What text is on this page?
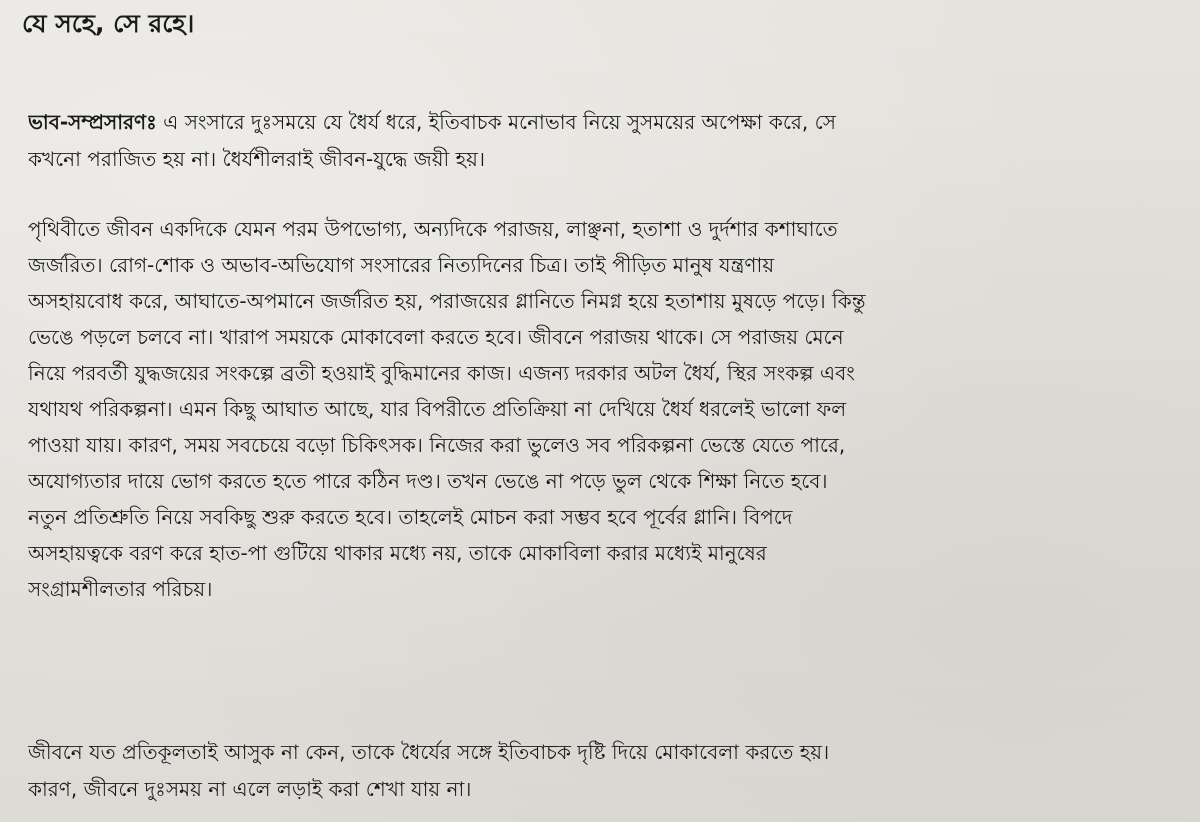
যে সহে, সে রহে।
ভাব-সম্প্রসারণঃ এ সংসারে দুঃসময়ে যে ধৈর্য ধরে, ইতিবাচক মনোভাব নিয়ে সুসময়ের অপেক্ষা করে, সে
কখনো পরাজিত হয় না। ধৈর্যশীলরাই জীবন-যুদ্ধে জয়ী হয়।
পৃথিবীতে জীবন একদিকে যেমন পরম উপভোগ্য, অন্যদিকে পরাজয়, লাঞ্ছনা, হতাশা ও দুর্দশার কশাঘাতে
জর্জরিত। রোগ-শোক ও অভাব-অভিযোগ সংসারের নিত্যদিনের চিত্র। তাই পীড়িত মানুষ যন্ত্রণায়
অসহায়বোধ করে, আঘাতে-অপমানে জর্জরিত হয়, পরাজয়ের গ্লানিতে নিমগ্ন হয়ে হতাশায় মুষড়ে পড়ে। কিন্তু
ভেঙে পড়লে চলবে না। খারাপ সময়কে মোকাবেলা করতে হবে। জীবনে পরাজয় থাকে। সে পরাজয় মেনে
নিয়ে পরবর্তী যুদ্ধজয়ের সংকল্পে ব্রতী হওয়াই বুদ্ধিমানের কাজ। এজন্য দরকার অটল ধৈর্য, স্থির সংকল্প এবং
যথাযথ পরিকল্পনা। এমন কিছু আঘাত আছে, যার বিপরীতে প্রতিক্রিয়া না দেখিয়ে ধৈর্য ধরলেই ভালো ফল
পাওয়া যায়। কারণ, সময় সবচেয়ে বড়ো চিকিৎসক। নিজের করা ভুলেও সব পরিকল্পনা ভেস্তে যেতে পারে,
অযোগ্যতার দায়ে ভোগ করতে হতে পারে কঠিন দণ্ড। তখন ভেঙে না পড়ে ভুল থেকে শিক্ষা নিতে হবে।
নতুন প্রতিশ্রুতি নিয়ে সবকিছু শুরু করতে হবে। তাহলেই মোচন করা সম্ভব হবে পূর্বের গ্লানি। বিপদে
অসহায়ত্বকে বরণ করে হাত-পা গুটিয়ে থাকার মধ্যে নয়, তাকে মোকাবিলা করার মধ্যেই মানুষের
সংগ্রামশীলতার পরিচয়।
জীবনে যত প্রতিকূলতাই আসুক না কেন, তাকে ধৈর্যের সঙ্গে ইতিবাচক দৃষ্টি দিয়ে মোকাবেলা করতে হয়।
কারণ, জীবনে দুঃসময় না এলে লড়াই করা শেখা যায় না।
